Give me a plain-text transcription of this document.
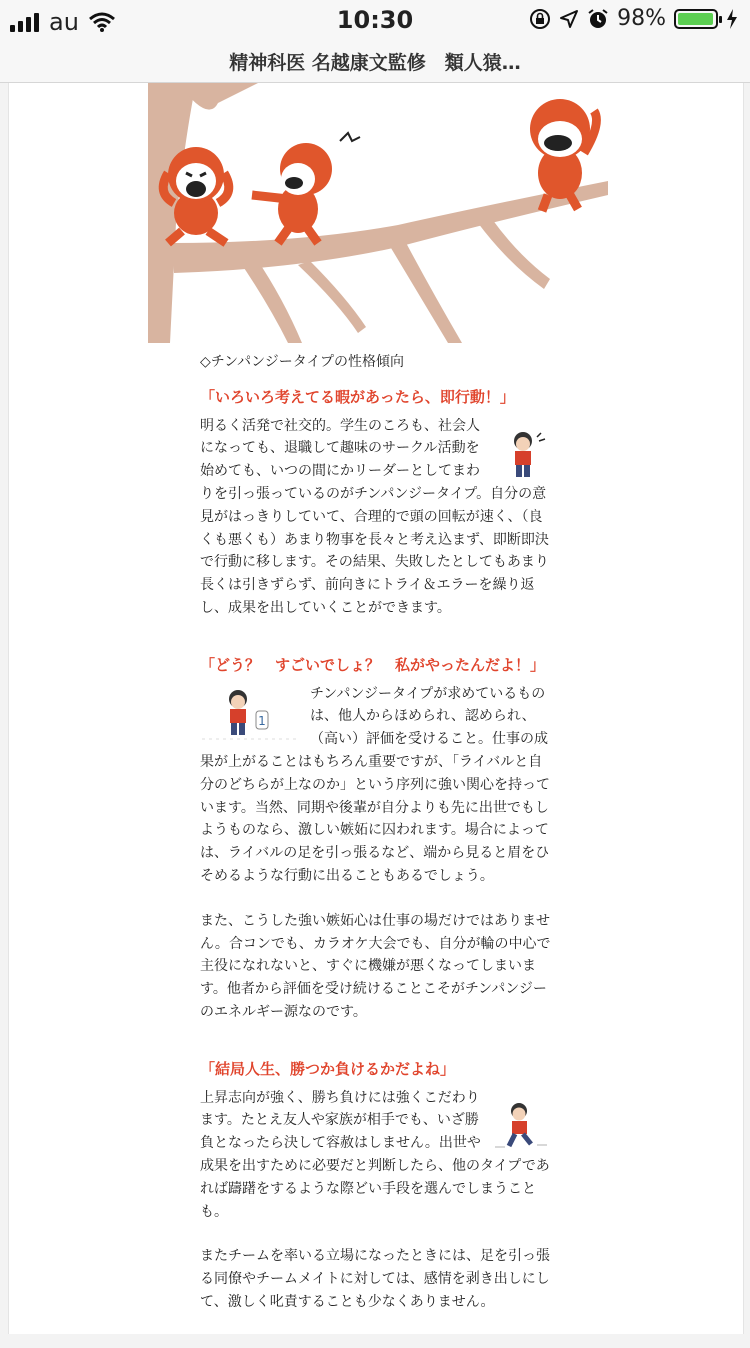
au	10:30	98%
精神科医 名越康文監修　類人猿…

◇チンパンジータイプの性格傾向

「いろいろ考えてる暇があったら、即行動！」

明るく活発で社交的。学生のころも、社会人になっても、退職して趣味のサークル活動を始めても、いつの間にかリーダーとしてまわりを引っ張っているのがチンパンジータイプ。自分の意見がはっきりしていて、合理的で頭の回転が速く、（良くも悪くも）あまり物事を長々と考え込まず、即断即決で行動に移します。その結果、失敗したとしてもあまり長くは引きずらず、前向きにトライ＆エラーを繰り返し、成果を出していくことができます。

「どう？　すごいでしょ？　私がやったんだよ！」
1

チンパンジータイプが求めているものは、他人からほめられ、認められ、（高い）評価を受けること。仕事の成果が上がることはもちろん重要ですが、「ライバルと自分のどちらが上なのか」という序列に強い関心を持っています。当然、同期や後輩が自分よりも先に出世でもしようものなら、激しい嫉妬に囚われます。場合によっては、ライバルの足を引っ張るなど、端から見ると眉をひそめるような行動に出ることもあるでしょう。

また、こうした強い嫉妬心は仕事の場だけではありません。合コンでも、カラオケ大会でも、自分が輪の中心で主役になれないと、すぐに機嫌が悪くなってしまいます。他者から評価を受け続けることこそがチンパンジーのエネルギー源なのです。

「結局人生、勝つか負けるかだよね」

上昇志向が強く、勝ち負けには強くこだわります。たとえ友人や家族が相手でも、いざ勝負となったら決して容赦はしません。出世や成果を出すために必要だと判断したら、他のタイプであれば躊躇をするような際どい手段を選んでしまうことも。

またチームを率いる立場になったときには、足を引っ張る同僚やチームメイトに対しては、感情を剥き出しにして、激しく叱責することも少なくありません。
